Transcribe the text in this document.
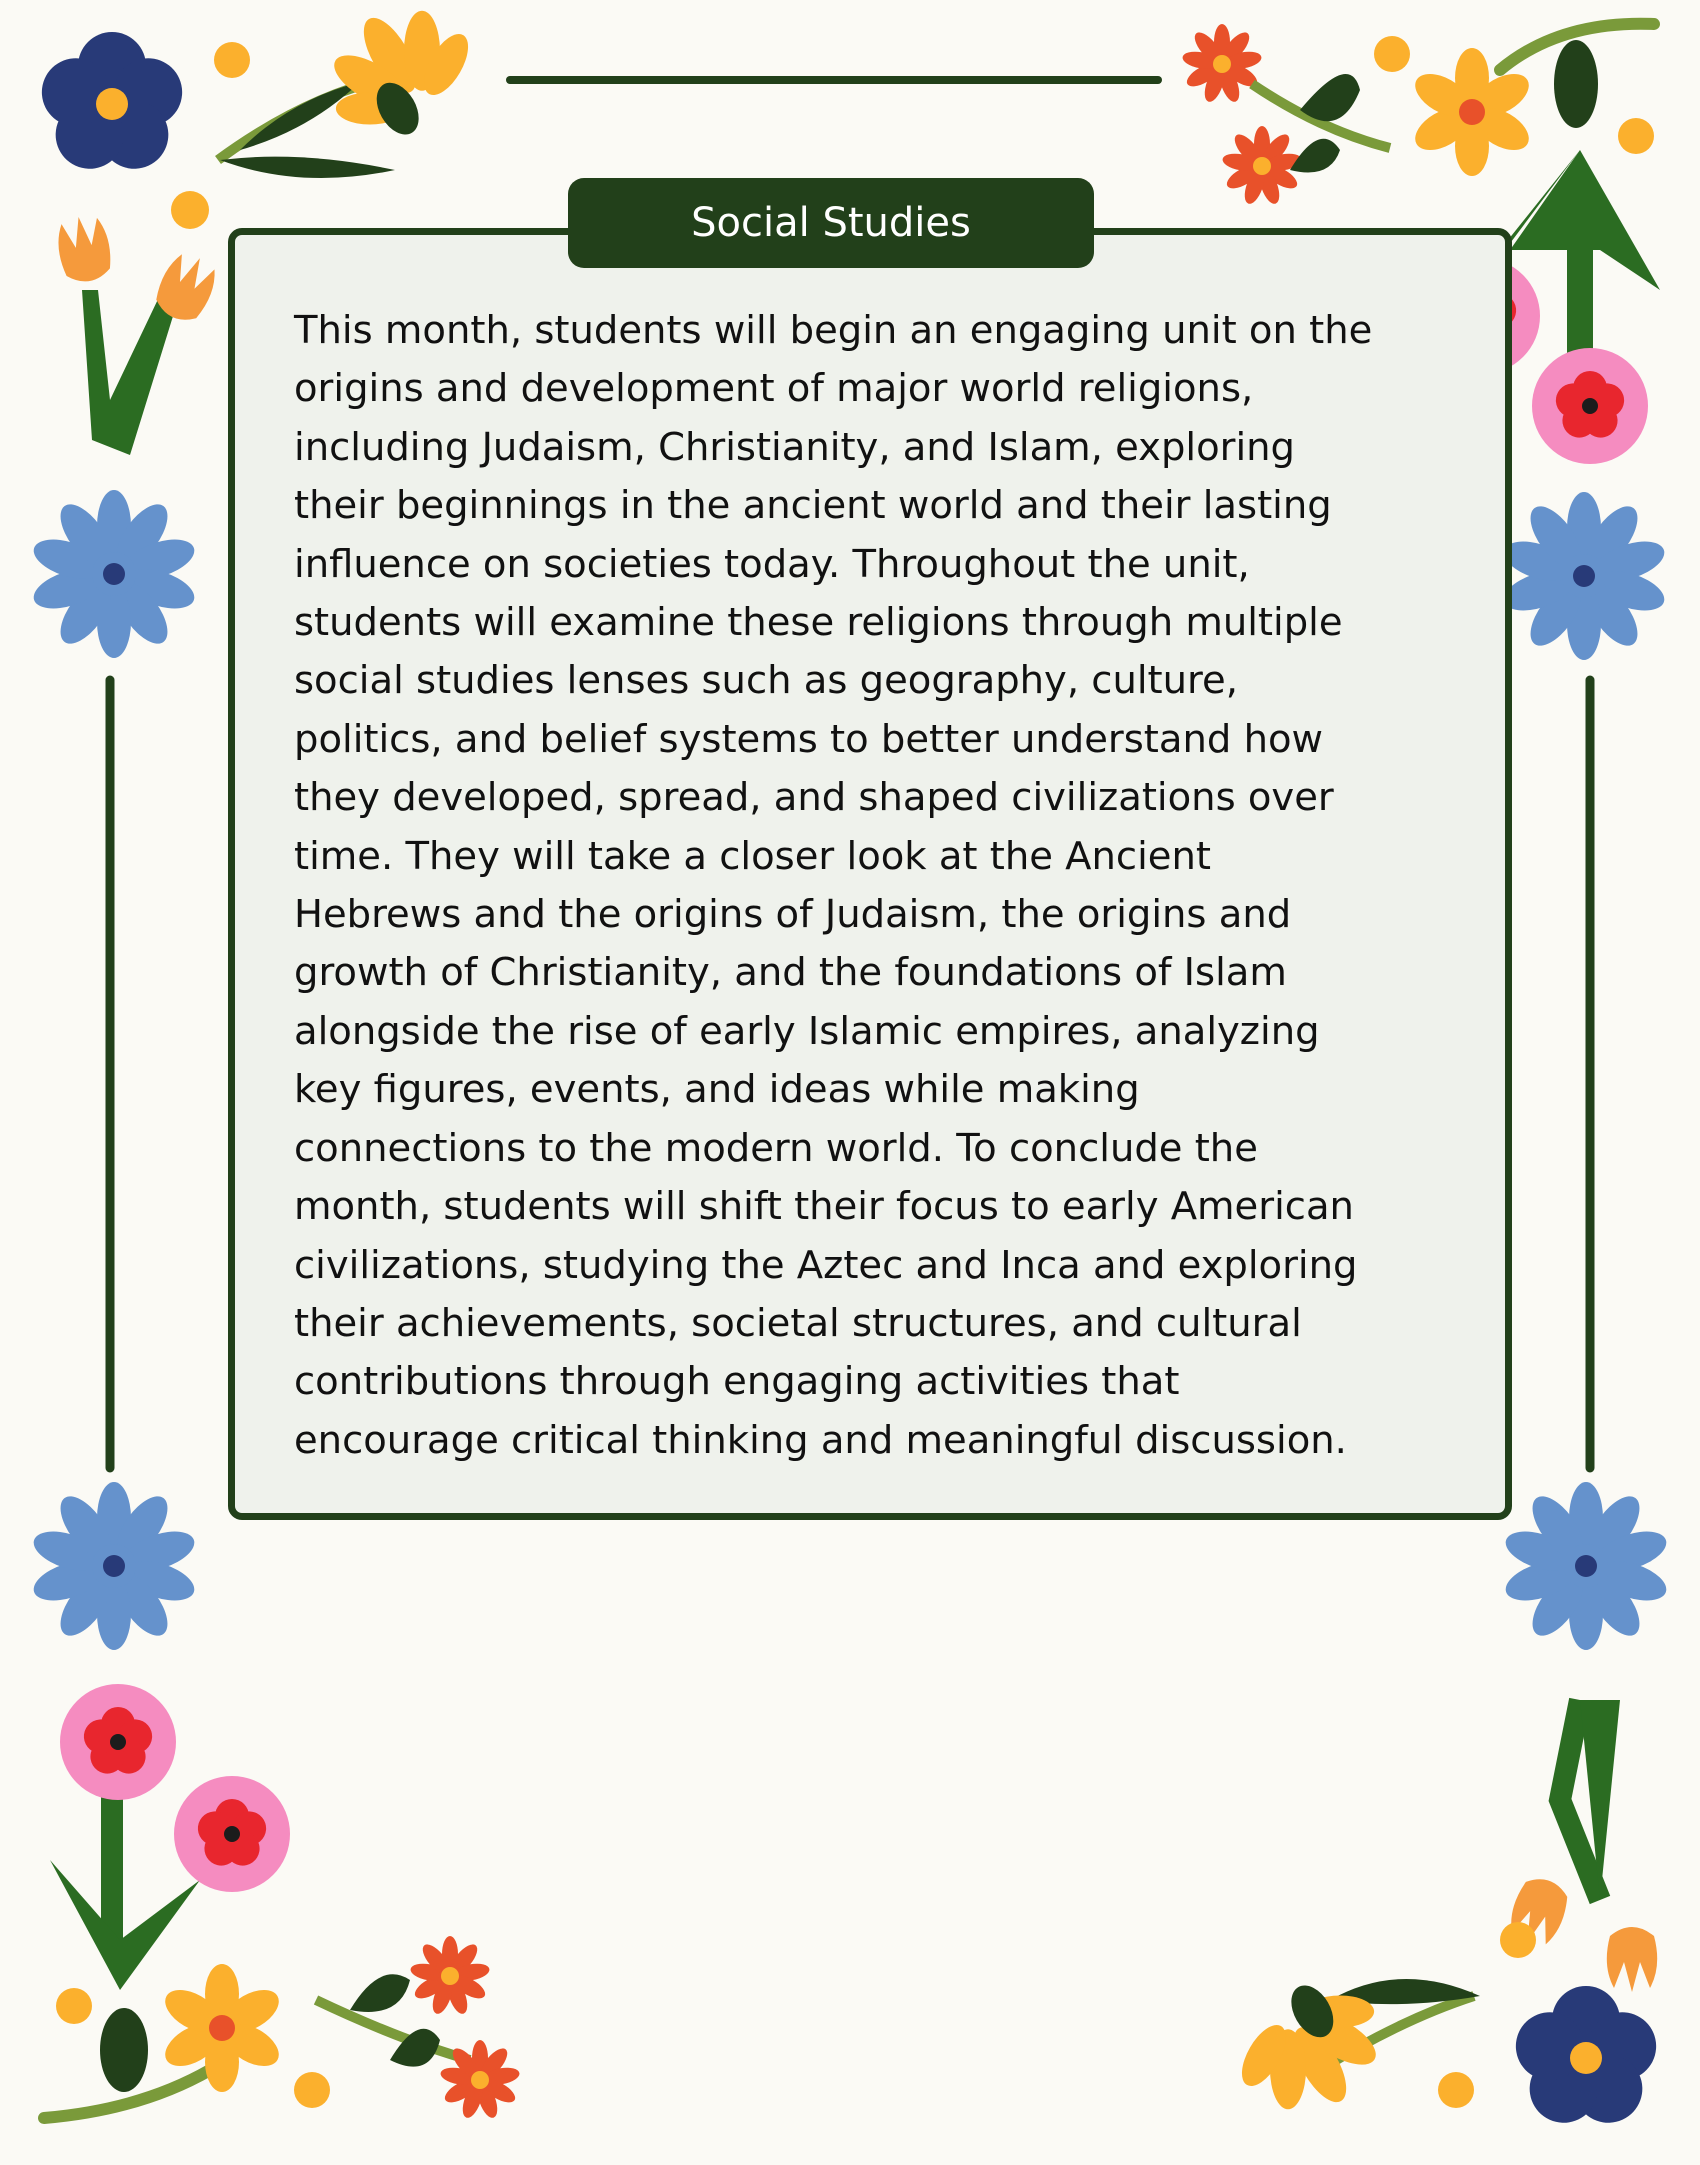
Social Studies
This month, students will begin an engaging unit on the
origins and development of major world religions,
including Judaism, Christianity, and Islam, exploring
their beginnings in the ancient world and their lasting
influence on societies today. Throughout the unit,
students will examine these religions through multiple
social studies lenses such as geography, culture,
politics, and belief systems to better understand how
they developed, spread, and shaped civilizations over
time. They will take a closer look at the Ancient
Hebrews and the origins of Judaism, the origins and
growth of Christianity, and the foundations of Islam
alongside the rise of early Islamic empires, analyzing
key figures, events, and ideas while making
connections to the modern world. To conclude the
month, students will shift their focus to early American
civilizations, studying the Aztec and Inca and exploring
their achievements, societal structures, and cultural
contributions through engaging activities that
encourage critical thinking and meaningful discussion.
